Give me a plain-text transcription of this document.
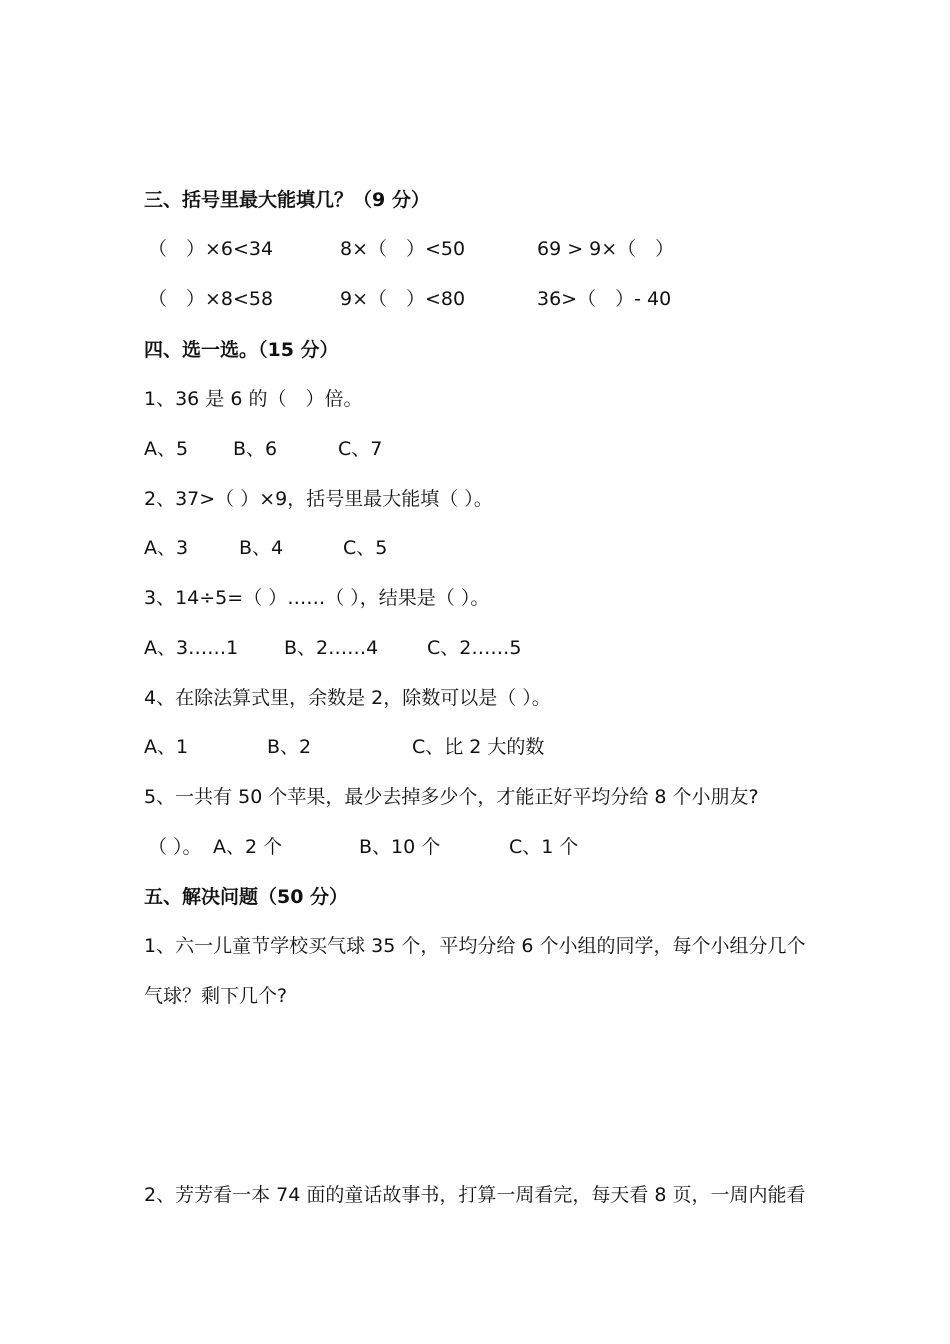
三、括号里最大能填几？（9 分）
（　）×6<34	8×（　）<50	69 > 9×（　）
（　）×8<58	9×（　）<80	36>（　）- 40
四、选一选。（15 分）
1、36 是 6 的（　）倍。
A、5 B、6	C、7
2、37>（ ）×9，括号里最大能填（ ）。
A、3	B、4	C、5
3、14÷5=（ ）……（ ），结果是（ ）。
A、3……1 B、2……4	C、2……5
4、在除法算式里，余数是 2，除数可以是（ ）。
A、1	B、2	C、比 2 大的数
5、一共有 50 个苹果，最少去掉多少个，才能正好平均分给 8 个小朋友?
（ ）。 A、2 个	B、10 个	C、1 个
五、解决问题（50 分）
1、六一儿童节学校买气球 35 个，平均分给 6 个小组的同学，每个小组分几个
气球？剩下几个?
2、芳芳看一本 74 面的童话故事书，打算一周看完，每天看 8 页，一周内能看
